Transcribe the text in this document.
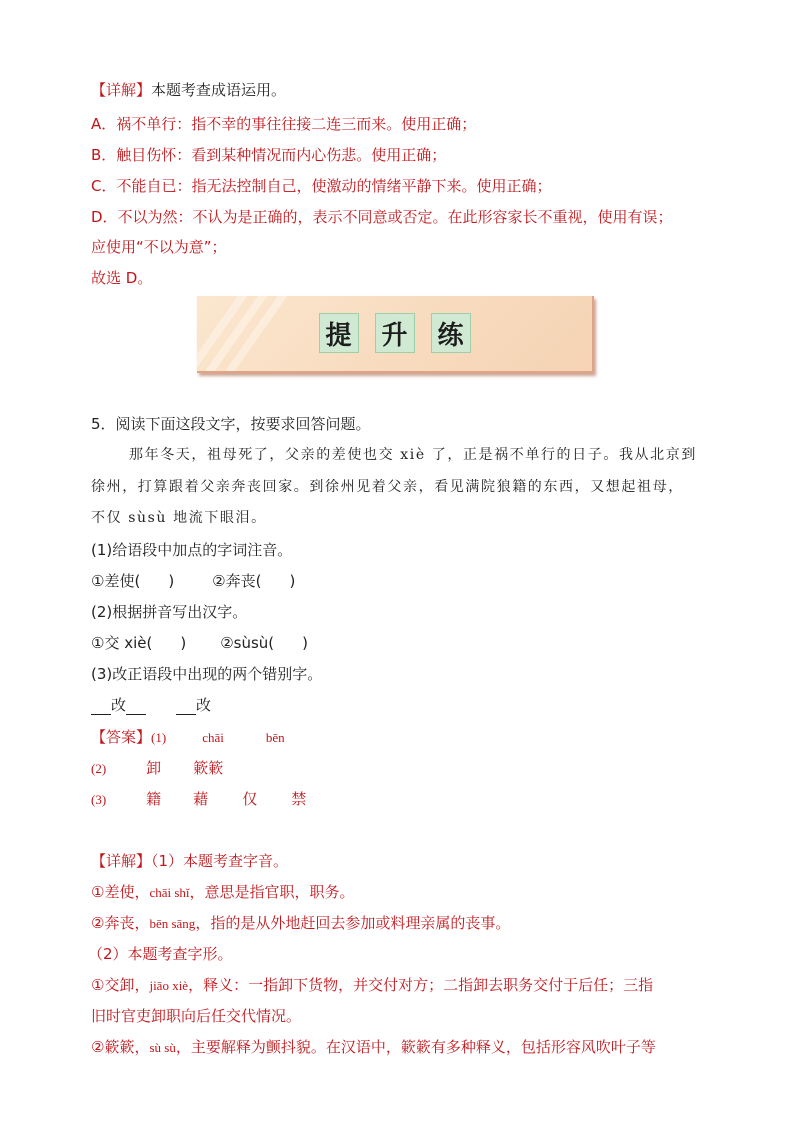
【详解】本题考查成语运用。
A．祸不单行：指不幸的事往往接二连三而来。使用正确；
B．触目伤怀：看到某种情况而内心伤悲。使用正确；
C．不能自已：指无法控制自己，使激动的情绪平静下来。使用正确；
D．不以为然：不认为是正确的，表示不同意或否定。在此形容家长不重视，使用有误；
应使用“不以为意”；
故选 D。
提 升 练
5．阅读下面这段文字，按要求回答问题。
那年冬天，祖母死了，父亲的差使也交 xiè 了，正是祸不单行的日子。我从北京到
徐州，打算跟着父亲奔丧回家。到徐州见着父亲，看见满院狼籍的东西，又想起祖母，
不仅 sùsù 地流下眼泪。
(1)给语段中加点的字词注音。
①差使( )	②奔丧( )
(2)根据拼音写出汉字。
①交 xiè( ) ②sùsù( )
(3)改正语段中出现的两个错别字。
改	改
【答案】(1)	chāi	bēn
(2)	卸 簌簌
(3)	籍 藉 仅 禁
【详解】（1）本题考查字音。
①差使，chāi shǐ，意思是指官职，职务。
②奔丧，bēn sāng，指的是从外地赶回去参加或料理亲属的丧事。
（2）本题考查字形。
①交卸，jiāo xiè，释义：一指卸下货物，并交付对方；二指卸去职务交付于后任；三指
旧时官吏卸职向后任交代情况。
②簌簌，sù sù，主要解释为颤抖貌。在汉语中，簌簌有多种释义，包括形容风吹叶子等
